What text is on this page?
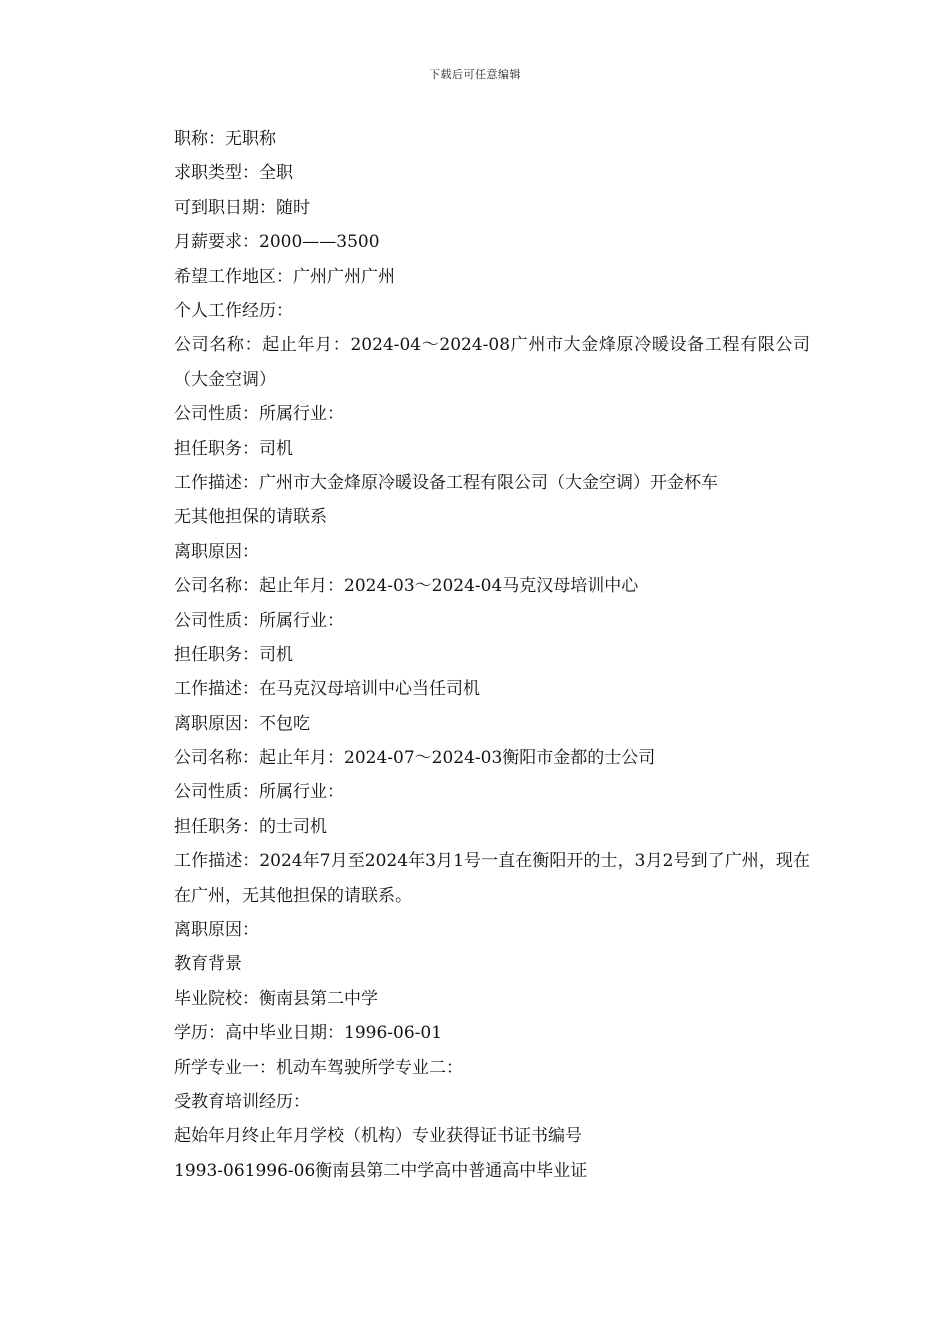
下载后可任意编辑
职称：无职称
求职类型：全职
可到职日期：随时
月薪要求：2000——3500
希望工作地区：广州广州广州
个人工作经历：
公司名称：起止年月：2024-04～2024-08广州市大金烽原冷暖设备工程有限公司（大金空调）
公司性质：所属行业：
担任职务：司机
工作描述：广州市大金烽原冷暖设备工程有限公司（大金空调）开金杯车
无其他担保的请联系
离职原因：
公司名称：起止年月：2024-03～2024-04马克汉母培训中心
公司性质：所属行业：
担任职务：司机
工作描述：在马克汉母培训中心当任司机
离职原因：不包吃
公司名称：起止年月：2024-07～2024-03衡阳市金都的士公司
公司性质：所属行业：
担任职务：的士司机
工作描述：2024年7月至2024年3月1号一直在衡阳开的士，3月2号到了广州，现在在广州，无其他担保的请联系。
离职原因：
教育背景
毕业院校：衡南县第二中学
学历：高中毕业日期：1996-06-01
所学专业一：机动车驾驶所学专业二：
受教育培训经历：
起始年月终止年月学校（机构）专业获得证书证书编号
1993-061996-06衡南县第二中学高中普通高中毕业证
